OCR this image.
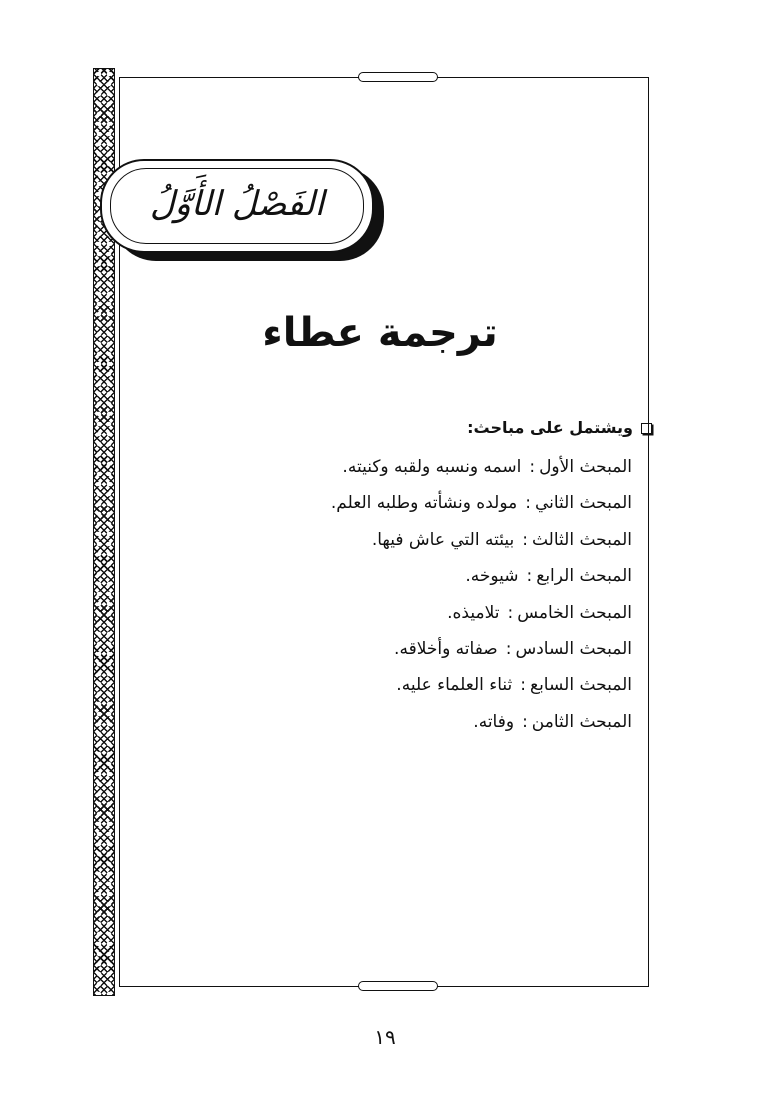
الفَصْلُ الأَوَّلُ
ترجمة عطاء
ويشتمل على مباحث:
المبحث الأول:اسمه ونسبه ولقبه وكنيته.
المبحث الثاني:مولده ونشأته وطلبه العلم.
المبحث الثالث:بيئته التي عاش فيها.
المبحث الرابع:شيوخه.
المبحث الخامس:تلاميذه.
المبحث السادس:صفاته وأخلاقه.
المبحث السابع:ثناء العلماء عليه.
المبحث الثامن:وفاته.
١٩
